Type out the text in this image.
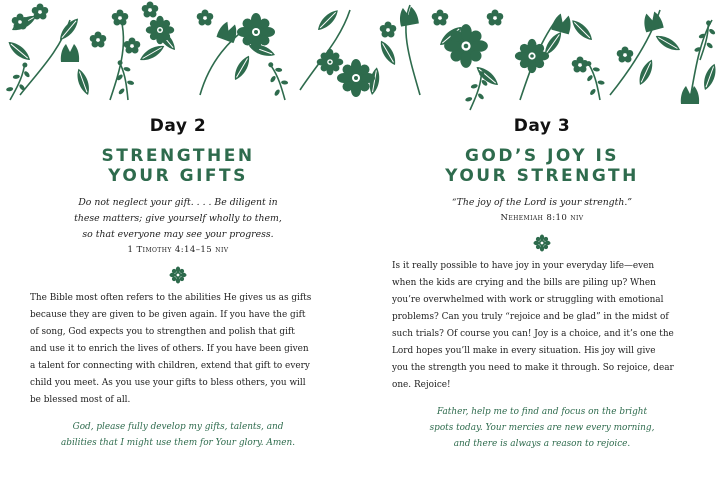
Day 2
STRENGTHEN
YOUR GIFTS
Do not neglect your gift. . . . Be diligent in
these matters; give yourself wholly to them,
so that everyone may see your progress.
1 Timothy 4:14–15 niv
The Bible most often refers to the abilities He gives us as gifts
because they are given to be given again. If you have the gift
of song, God expects you to strengthen and polish that gift
and use it to enrich the lives of others. If you have been given
a talent for connecting with children, extend that gift to every
child you meet. As you use your gifts to bless others, you will
be blessed most of all.
God, please fully develop my gifts, talents, and
abilities that I might use them for Your glory. Amen.
Day 3
GOD’S JOY IS
YOUR STRENGTH
“The joy of the Lord is your strength.”
Nehemiah 8:10 niv
Is it really possible to have joy in your everyday life—even
when the kids are crying and the bills are piling up? When
you’re overwhelmed with work or struggling with emotional
problems? Can you truly “rejoice and be glad” in the midst of
such trials? Of course you can! Joy is a choice, and it’s one the
Lord hopes you’ll make in every situation. His joy will give
you the strength you need to make it through. So rejoice, dear
one. Rejoice!
Father, help me to find and focus on the bright
spots today. Your mercies are new every morning,
and there is always a reason to rejoice.
